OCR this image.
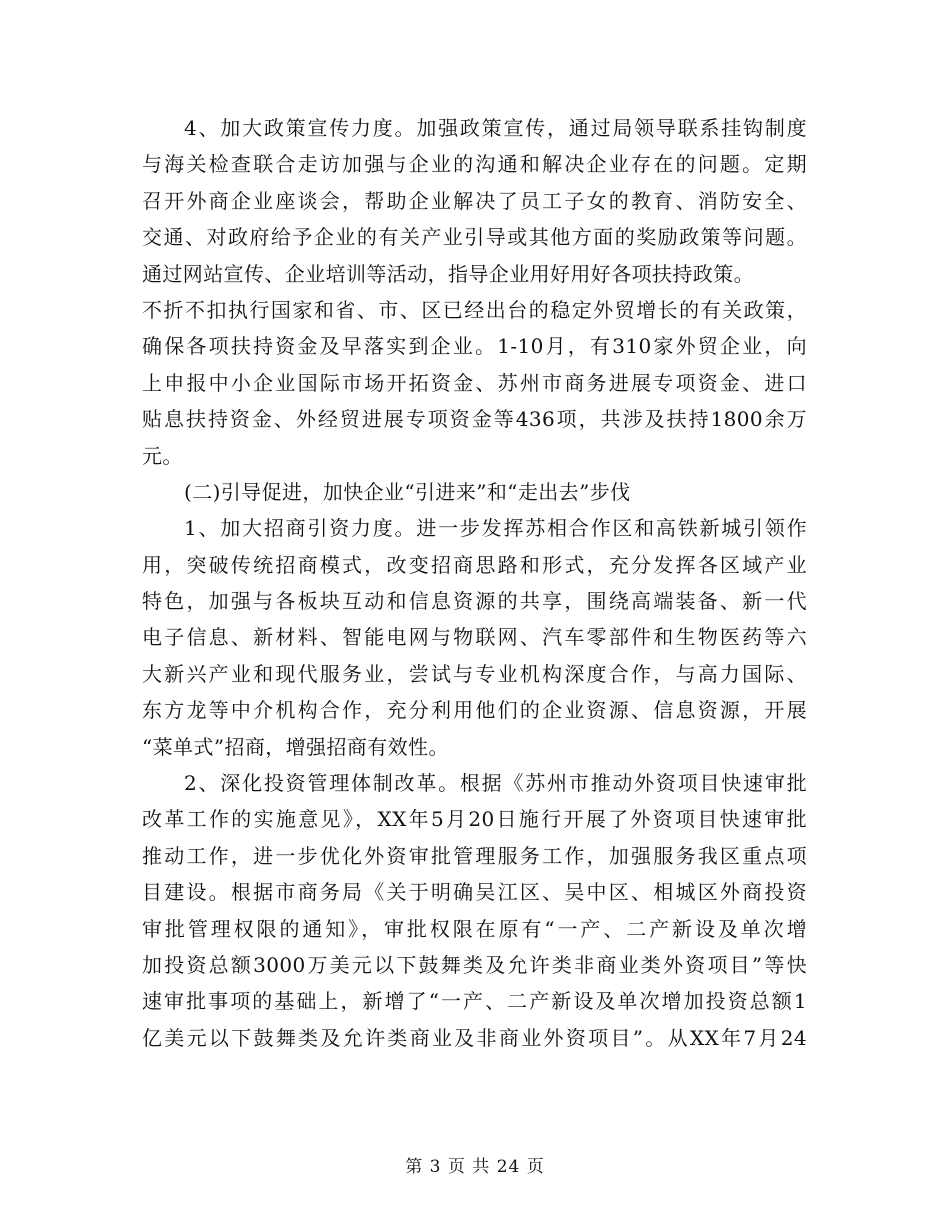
4、加大政策宣传力度。加强政策宣传，通过局领导联系挂钩制度
与海关检查联合走访加强与企业的沟通和解决企业存在的问题。定期
召开外商企业座谈会，帮助企业解决了员工子女的教育、消防安全、
交通、对政府给予企业的有关产业引导或其他方面的奖励政策等问题。
通过网站宣传、企业培训等活动，指导企业用好用好各项扶持政策。
不折不扣执行国家和省、市、区已经出台的稳定外贸增长的有关政策，
确保各项扶持资金及早落实到企业。1-10月，有310家外贸企业，向
上申报中小企业国际市场开拓资金、苏州市商务进展专项资金、进口
贴息扶持资金、外经贸进展专项资金等436项，共涉及扶持1800余万
元。
(二)引导促进，加快企业“引进来”和“走出去”步伐
1、加大招商引资力度。进一步发挥苏相合作区和高铁新城引领作
用，突破传统招商模式，改变招商思路和形式，充分发挥各区域产业
特色，加强与各板块互动和信息资源的共享，围绕高端装备、新一代
电子信息、新材料、智能电网与物联网、汽车零部件和生物医药等六
大新兴产业和现代服务业，尝试与专业机构深度合作，与高力国际、
东方龙等中介机构合作，充分利用他们的企业资源、信息资源，开展
“菜单式”招商，增强招商有效性。
2、深化投资管理体制改革。根据《苏州市推动外资项目快速审批
改革工作的实施意见》，XX年5月20日施行开展了外资项目快速审批
推动工作，进一步优化外资审批管理服务工作，加强服务我区重点项
目建设。根据市商务局《关于明确吴江区、吴中区、相城区外商投资
审批管理权限的通知》，审批权限在原有“一产、二产新设及单次增
加投资总额3000万美元以下鼓舞类及允许类非商业类外资项目”等快
速审批事项的基础上，新增了“一产、二产新设及单次增加投资总额1
亿美元以下鼓舞类及允许类商业及非商业外资项目”。从XX年7月24
第 3 页 共 24 页
